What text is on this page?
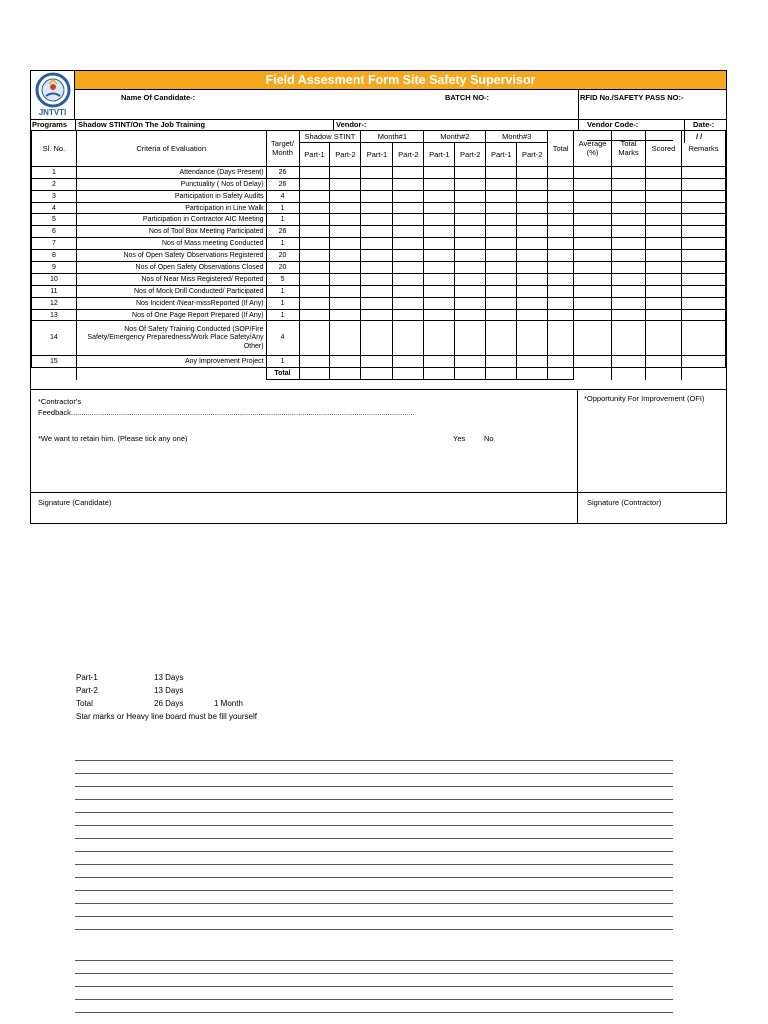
JNTVTI
Field Assesment Form Site Safety Supervisor
Name Of Candidate-:	BATCH NO-:	RFID No./SAFETY PASS NO:-
Programs Shadow STINT/On The Job Training	Vendor-:	Vendor Code-:	Date-:
/ /
Sl. No.	Criteria of Evaluation	Target/ Month	Shadow STINT		Month#1		Month#2		Month#3		Total	Average (%)	Total Marks	Scored	Remarks
			Part-1	Part-2	Part-1	Part-2	Part-1	Part-2	Part-1	Part-2					
1	Attendance (Days Present)	26													
2	Punctuality ( Nos of Delay)	26													
3	Participation in Safety Audits	4													
4	Participation in Line Walk	1													
5	Participation in Contractor AIC Meeting	1													
6	Nos of Tool Box Meeting Participated	26													
7	Nos of Mass meeting Conducted	1													
8	Nos of Open Safety Observations Registered	20													
9	Nos of Open Safety Observations Closed	20													
10	Nos of Near Miss Registered/ Reported	5													
11	Nos of Mock Drill Conducted/ Participated	1													
12	Nos Incident /Near-missReported (If Any)	1													
13	Nos of One Page Report Prepared (If Any)	1													
14	Nos Of Safety Training Conducted (SOP/Fire Safety/Emergency Preparedness/Work Place Safety/Any Other)	4													
15	Any Improvement Project	1													
		Total													
*Contractor's
Feedback.....................................................................................................................................................................
*We want to retain him. (Please tick any one)	Yes	No
*Opportunity For Improvement (OFI)
Signature (Candidate)	Signature (Contractor)
Part-1	13 Days
Part-2	13 Days
Total	26 Days	1 Month
Star marks or Heavy line board must be fill yourself
